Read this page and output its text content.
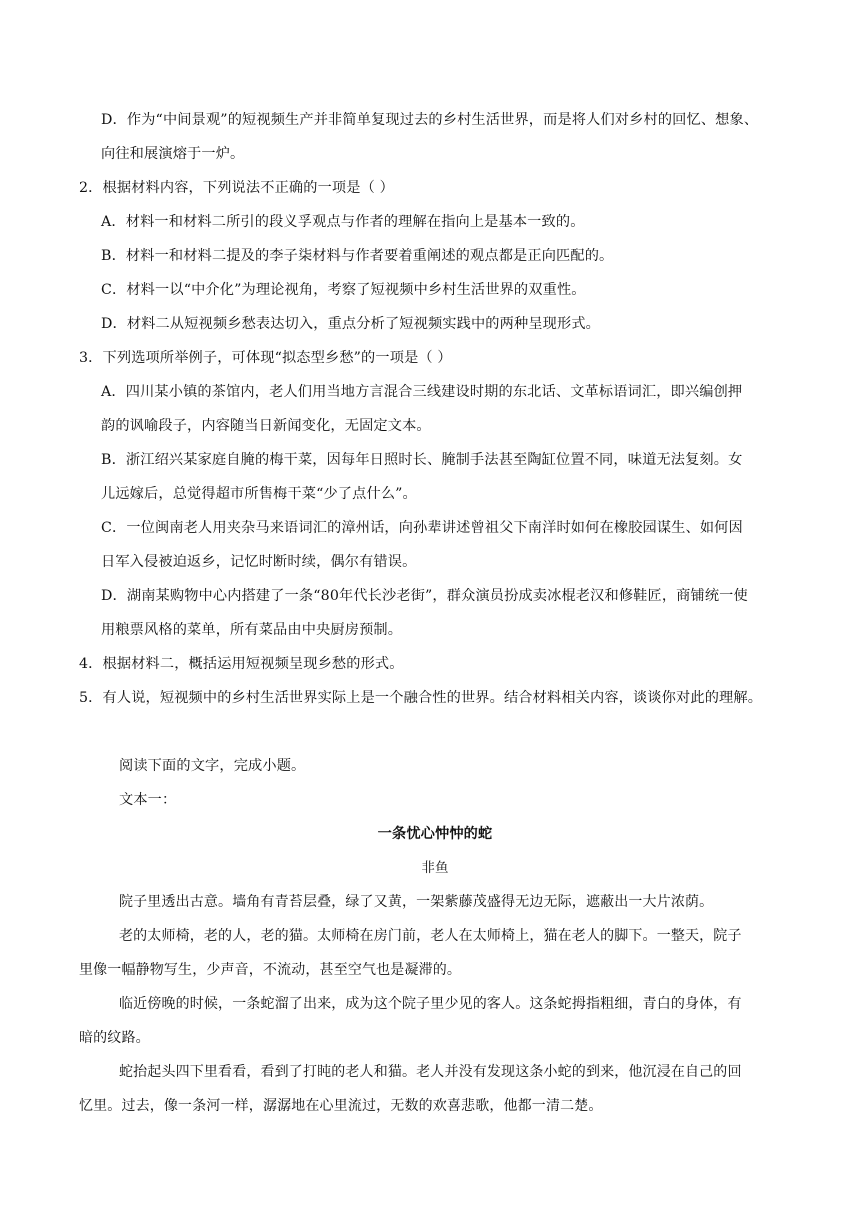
D．作为“中间景观”的短视频生产并非简单复现过去的乡村生活世界，而是将人们对乡村的回忆、想象、
向往和展演熔于一炉。
2．根据材料内容，下列说法不正确的一项是（ ）
A．材料一和材料二所引的段义孚观点与作者的理解在指向上是基本一致的。
B．材料一和材料二提及的李子柒材料与作者要着重阐述的观点都是正向匹配的。
C．材料一以“中介化”为理论视角，考察了短视频中乡村生活世界的双重性。
D．材料二从短视频乡愁表达切入，重点分析了短视频实践中的两种呈现形式。
3．下列选项所举例子，可体现“拟态型乡愁”的一项是（ ）
A．四川某小镇的茶馆内，老人们用当地方言混合三线建设时期的东北话、文革标语词汇，即兴编创押
韵的讽喻段子，内容随当日新闻变化，无固定文本。
B．浙江绍兴某家庭自腌的梅干菜，因每年日照时长、腌制手法甚至陶缸位置不同，味道无法复刻。女
儿远嫁后，总觉得超市所售梅干菜“少了点什么”。
C．一位闽南老人用夹杂马来语词汇的漳州话，向孙辈讲述曾祖父下南洋时如何在橡胶园谋生、如何因
日军入侵被迫返乡，记忆时断时续，偶尔有错误。
D．湖南某购物中心内搭建了一条“80年代长沙老街”，群众演员扮成卖冰棍老汉和修鞋匠，商铺统一使
用粮票风格的菜单，所有菜品由中央厨房预制。
4．根据材料二，概括运用短视频呈现乡愁的形式。
5．有人说，短视频中的乡村生活世界实际上是一个融合性的世界。结合材料相关内容，谈谈你对此的理解。
阅读下面的文字，完成小题。
文本一：
一条忧心忡忡的蛇
非鱼
院子里透出古意。墙角有青苔层叠，绿了又黄，一架紫藤茂盛得无边无际，遮蔽出一大片浓荫。
老的太师椅，老的人，老的猫。太师椅在房门前，老人在太师椅上，猫在老人的脚下。一整天，院子
里像一幅静物写生，少声音，不流动，甚至空气也是凝滞的。
临近傍晚的时候，一条蛇溜了出来，成为这个院子里少见的客人。这条蛇拇指粗细，青白的身体，有
暗的纹路。
蛇抬起头四下里看看，看到了打盹的老人和猫。老人并没有发现这条小蛇的到来，他沉浸在自己的回
忆里。过去，像一条河一样，潺潺地在心里流过，无数的欢喜悲歌，他都一清二楚。
